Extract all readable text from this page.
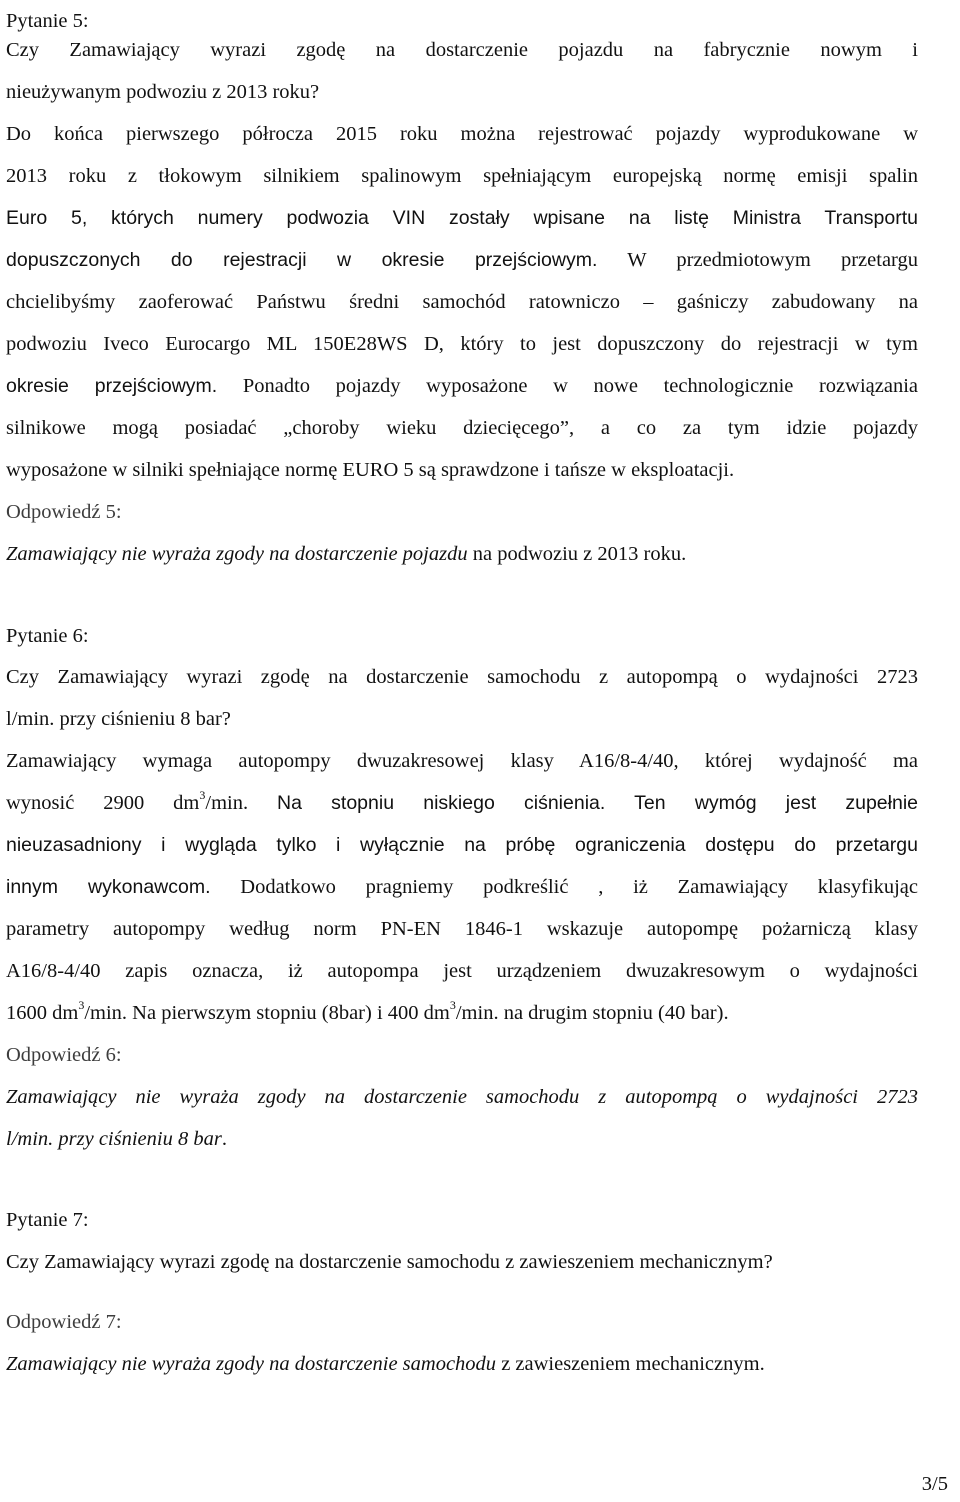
Pytanie 5:
Czy Zamawiający wyrazi zgodę na dostarczenie pojazdu na fabrycznie nowym i
nieużywanym podwoziu z 2013 roku?
Do końca pierwszego półrocza 2015 roku można rejestrować pojazdy wyprodukowane w
2013 roku z tłokowym silnikiem spalinowym spełniającym europejską normę emisji spalin
Euro 5, których numery podwozia VIN zostały wpisane na listę Ministra Transportu
dopuszczonych do rejestracji w okresie przejściowym. W przedmiotowym przetargu
chcielibyśmy zaoferować Państwu średni samochód ratowniczo – gaśniczy zabudowany na
podwoziu Iveco Eurocargo ML 150E28WS D, który to jest dopuszczony do rejestracji w tym
okresie przejściowym. Ponadto pojazdy wyposażone w nowe technologicznie rozwiązania
silnikowe mogą posiadać „choroby wieku dziecięcego”, a co za tym idzie pojazdy
wyposażone w silniki spełniające normę EURO 5 są sprawdzone i tańsze w eksploatacji.
Odpowiedź 5:
Zamawiający nie wyraża zgody na dostarczenie pojazdu na podwoziu z 2013 roku.
Pytanie 6:
Czy Zamawiający wyrazi zgodę na dostarczenie samochodu z autopompą o wydajności 2723
l/min. przy ciśnieniu 8 bar?
Zamawiający wymaga autopompy dwuzakresowej klasy A16/8-4/40, której wydajność ma
wynosić 2900 $dm^3/\min$. Na stopniu niskiego ciśnienia. Ten wymóg jest zupełnie
nieuzasadniony i wygląda tylko i wyłącznie na próbę ograniczenia dostępu do przetargu
innym wykonawcom. Dodatkowo pragniemy podkreślić , iż Zamawiający klasyfikując
parametry autopompy według norm PN-EN 1846-1 wskazuje autopompę pożarniczą klasy
A16/8-4/40 zapis oznacza, iż autopompa jest urządzeniem dwuzakresowym o wydajności
1600 $dm^3/\min$. Na pierwszym stopniu (8bar) i 400 $dm^3/\min$. na drugim stopniu (40 bar).
Odpowiedź 6:
Zamawiający nie wyraża zgody na dostarczenie samochodu z autopompą o wydajności 2723
l/min. przy ciśnieniu 8 bar.
Pytanie 7:
Czy Zamawiający wyrazi zgodę na dostarczenie samochodu z zawieszeniem mechanicznym?
Odpowiedź 7:
Zamawiający nie wyraża zgody na dostarczenie samochodu z zawieszeniem mechanicznym.
3/5
